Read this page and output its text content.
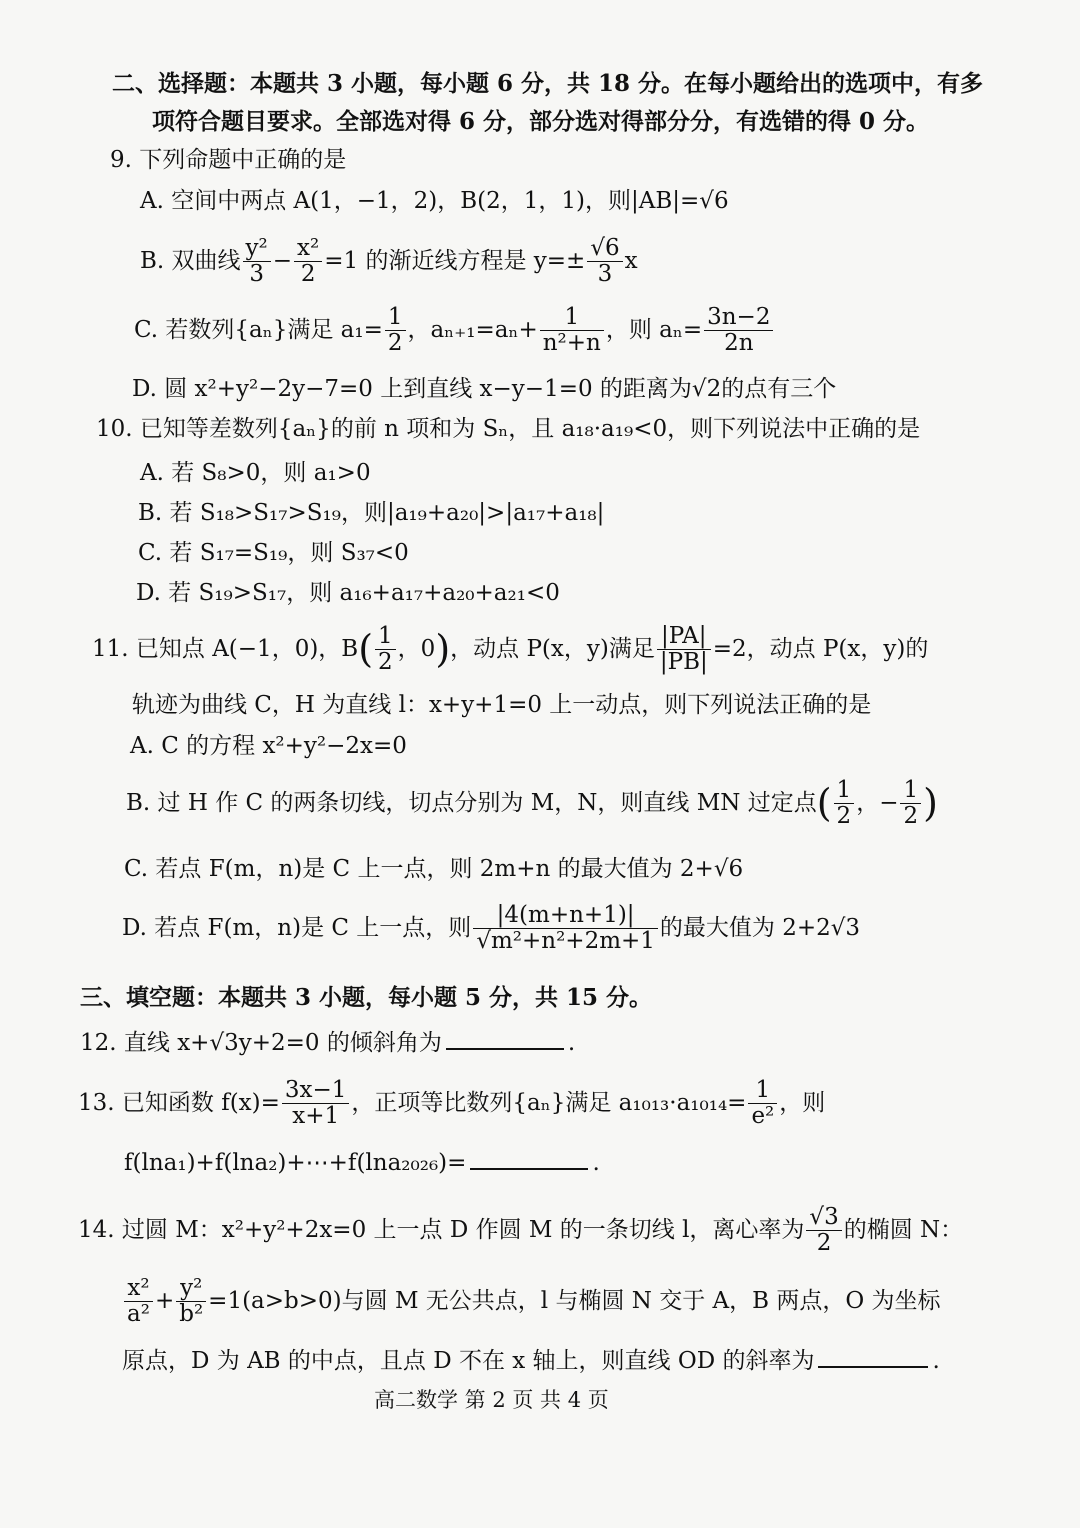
二、选择题：本题共 3 小题，每小题 6 分，共 18 分。在每小题给出的选项中，有多
项符合题目要求。全部选对得 6 分，部分选对得部分分，有选错的得 0 分。
9. 下列命题中正确的是
A. 空间中两点 A(1，−1，2)，B(2，1，1)，则|AB|=√6
B. 双曲线 $\frac{\text{y²}}{3} - \frac{\text{x²}}{2} =1$ 的渐近线方程是 $y=\pm \frac{√6}{3}$ x
C. 若数列{aₙ}满足 $a_1= \frac{1}{2}$ ，$a_{n+1}=a_n+ \frac{1}{\text{n²+n}}$ ，则 $a_n= \frac{3n-2}{2n}$
D. 圆 x²+y²−2y−7=0 上到直线 x−y−1=0 的距离为√2的点有三个
10. 已知等差数列{aₙ}的前 n 项和为 Sₙ，且 a₁₈·a₁₉<0，则下列说法中正确的是
A. 若 S₈>0，则 a₁>0
B. 若 S₁₈>S₁₇>S₁₉，则|a₁₉+a₂₀|>|a₁₇+a₁₈|
C. 若 S₁₇=S₁₉，则 S₃₇<0
D. 若 S₁₉>S₁₇，则 a₁₆+a₁₇+a₂₀+a₂₁<0
11. 已知点 A(−1，0)，$B( \frac{1}{2}$ ，0)，动点 P(x，y)满足 $\frac{|PA|}{|PB|} =2$，动点 P(x，y)的
轨迹为曲线 C，H 为直线 l：x+y+1=0 上一动点，则下列说法正确的是
A. C 的方程 x²+y²−2x=0
B. 过 H 作 C 的两条切线，切点分别为 M，N，则直线 MN 过定点( $\frac{1}{2}$ ，− $\frac{1}{2}$ )
C. 若点 F(m，n)是 C 上一点，则 2m+n 的最大值为 2+√6
D. 若点 F(m，n)是 C 上一点，则 $\frac{|4(m+n+1)|}{\text{√m²+n²+2m+1}}$ 的最大值为 2+2√3
三、填空题：本题共 3 小题，每小题 5 分，共 15 分。
12. 直线 x+√3y+2=0 的倾斜角为	.
13. 已知函数 $f(x)= \frac{3x-1}{x+1}$ ，正项等比数列{aₙ}满足 $a_{1013}\cdot a_{1014}= \frac{1}{\text{e²}}$ ，则
f(lna₁)+f(lna₂)+⋯+f(lna₂₀₂₆)=	.
14. 过圆 M：x²+y²+2x=0 上一点 D 作圆 M 的一条切线 l，离心率为 $\frac{√3}{2}$ 的椭圆 N：
$\frac{\text{x²}}{\text{a²}} + \frac{\text{y²}}{\text{b²}} =1(a>b>0)$与圆 M 无公共点，l 与椭圆 N 交于 A，B 两点，O 为坐标
原点，D 为 AB 的中点，且点 D 不在 x 轴上，则直线 OD 的斜率为	.
高二数学 第 2 页 共 4 页
